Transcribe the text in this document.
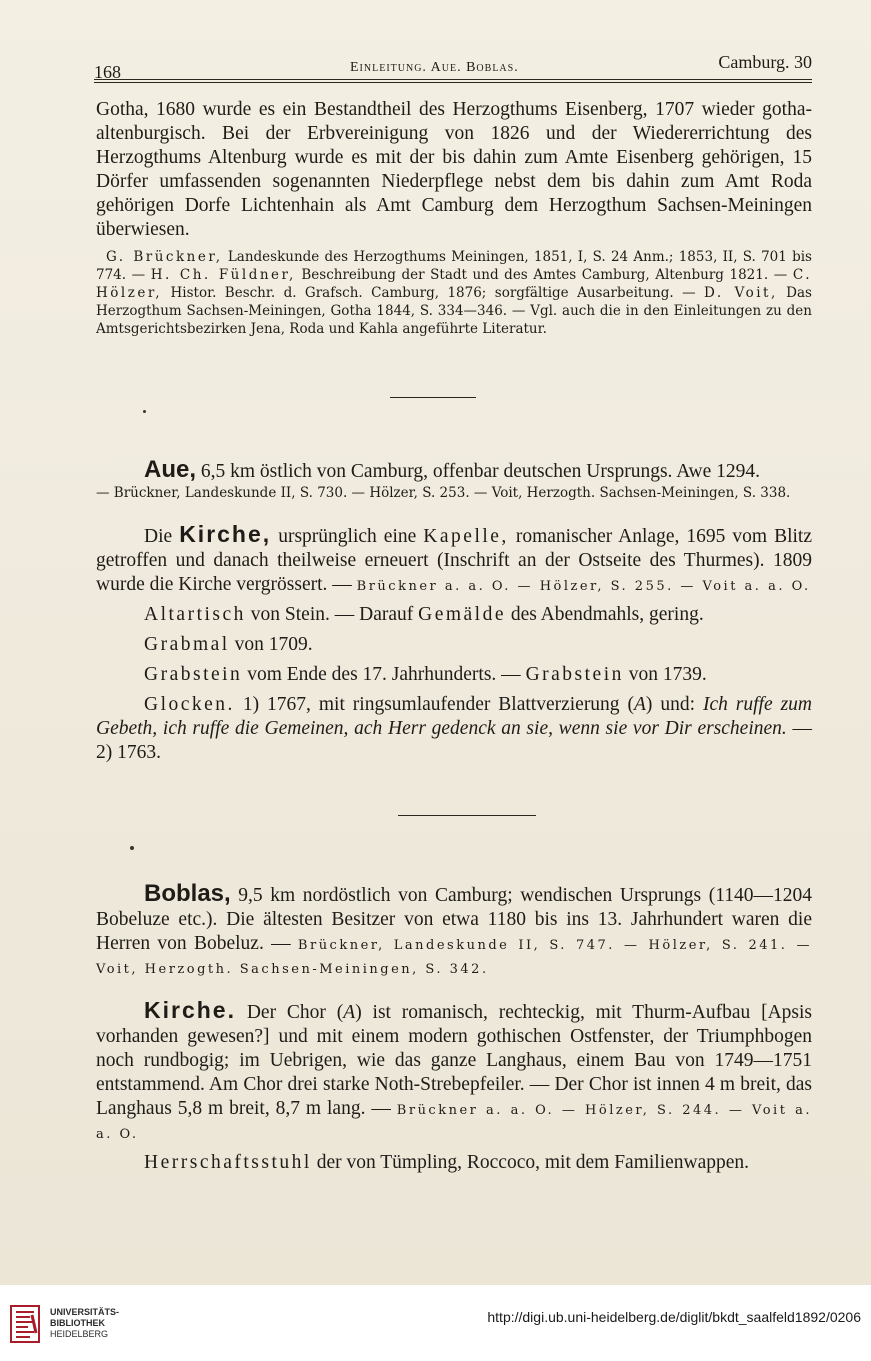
168	Einleitung. Aue. Boblas.	Camburg. 30

Gotha, 1680 wurde es ein Bestandtheil des Herzogthums Eisenberg, 1707 wieder gotha-altenburgisch. Bei der Erbvereinigung von 1826 und der Wiedererrichtung des Herzogthums Altenburg wurde es mit der bis dahin zum Amte Eisenberg gehörigen, 15 Dörfer umfassenden sogenannten Niederpflege nebst dem bis dahin zum Amt Roda gehörigen Dorfe Lichtenhain als Amt Camburg dem Herzogthum Sachsen-Meiningen überwiesen.

G. Brückner, Landeskunde des Herzogthums Meiningen, 1851, I, S. 24 Anm.; 1853, II, S. 701 bis 774. — H. Ch. Füldner, Beschreibung der Stadt und des Amtes Camburg, Altenburg 1821. — C. Hölzer, Histor. Beschr. d. Grafsch. Camburg, 1876; sorgfältige Ausarbeitung. — D. Voit, Das Herzogthum Sachsen-Meiningen, Gotha 1844, S. 334—346. — Vgl. auch die in den Einleitungen zu den Amtsgerichtsbezirken Jena, Roda und Kahla angeführte Literatur.

Aue, 6,5 km östlich von Camburg, offenbar deutschen Ursprungs. Awe 1294.

— Brückner, Landeskunde II, S. 730. — Hölzer, S. 253. — Voit, Herzogth. Sachsen-Meiningen, S. 338.

Die Kirche, ursprünglich eine Kapelle, romanischer Anlage, 1695 vom Blitz getroffen und danach theilweise erneuert (Inschrift an der Ostseite des Thurmes). 1809 wurde die Kirche vergrössert. — Brückner a. a. O. — Hölzer, S. 255. — Voit a. a. O.

Altartisch von Stein. — Darauf Gemälde des Abendmahls, gering.

Grabmal von 1709.

Grabstein vom Ende des 17. Jahrhunderts. — Grabstein von 1739.

Glocken. 1) 1767, mit ringsumlaufender Blattverzierung (A) und: Ich ruffe zum Gebeth, ich ruffe die Gemeinen, ach Herr gedenck an sie, wenn sie vor Dir erscheinen. — 2) 1763.

Boblas, 9,5 km nordöstlich von Camburg; wendischen Ursprungs (1140—1204 Bobeluze etc.). Die ältesten Besitzer von etwa 1180 bis ins 13. Jahrhundert waren die Herren von Bobeluz. — Brückner, Landeskunde II, S. 747. — Hölzer, S. 241. — Voit, Herzogth. Sachsen-Meiningen, S. 342.

Kirche. Der Chor (A) ist romanisch, rechteckig, mit Thurm-Aufbau [Apsis vorhanden gewesen?] und mit einem modern gothischen Ostfenster, der Triumphbogen noch rundbogig; im Uebrigen, wie das ganze Langhaus, einem Bau von 1749—1751 entstammend. Am Chor drei starke Noth-Strebepfeiler. — Der Chor ist innen 4 m breit, das Langhaus 5,8 m breit, 8,7 m lang. — Brückner a. a. O. — Hölzer, S. 244. — Voit a. a. O.

Herrschaftsstuhl der von Tümpling, Roccoco, mit dem Familienwappen.

UNIVERSITÄTS-
BIBLIOTHEK
HEIDELBERG
http://digi.ub.uni-heidelberg.de/diglit/bkdt_saalfeld1892/0206
